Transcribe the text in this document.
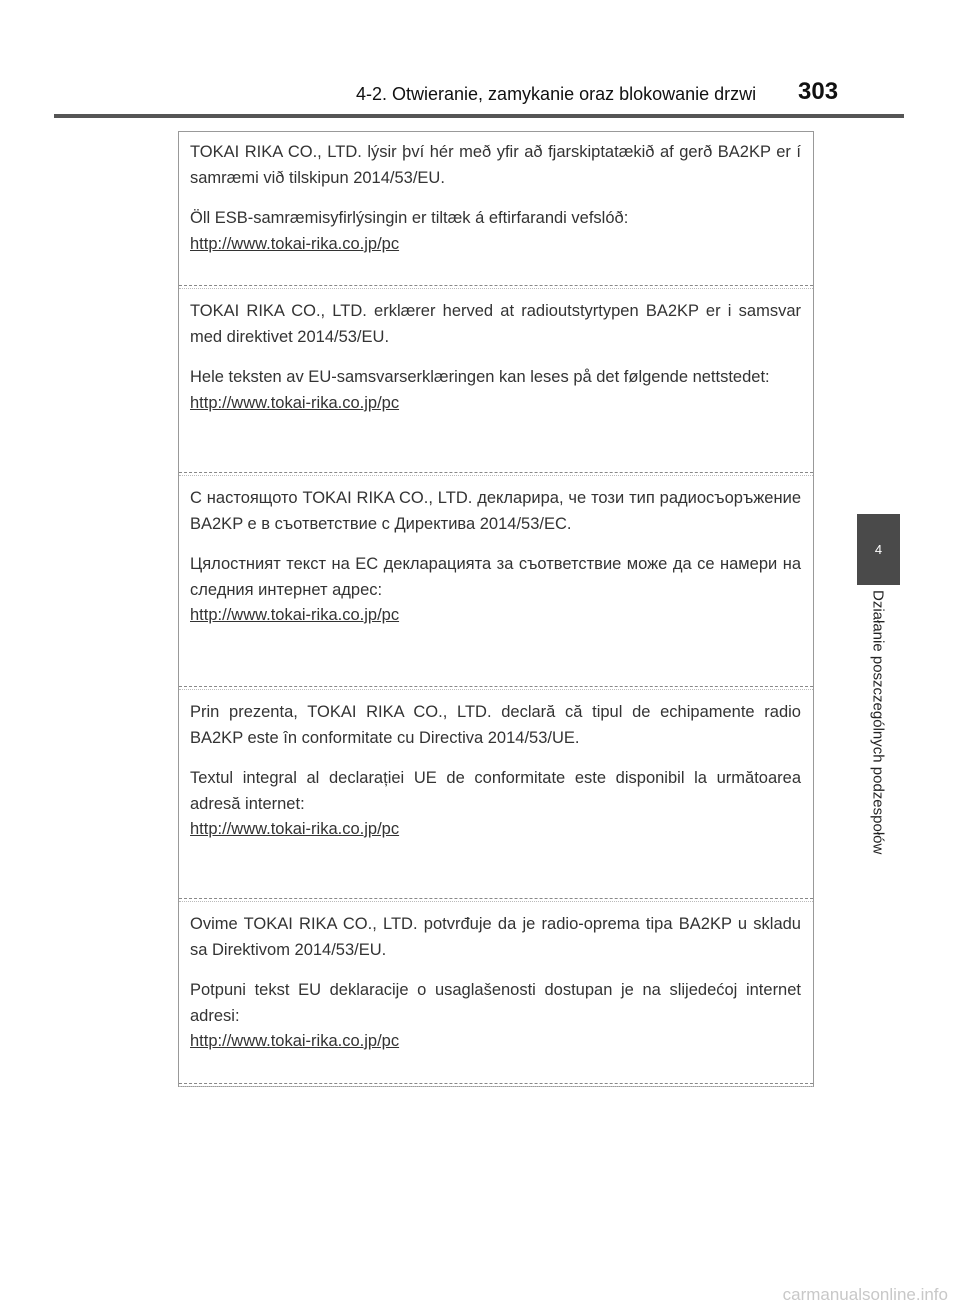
4-2. Otwieranie, zamykanie oraz blokowanie drzwi 303
4
Działanie poszczególnych podzespołów

TOKAI RIKA CO., LTD. lýsir því hér með yfir að fjarskiptatækið af gerð BA2KP er í samræmi við tilskipun 2014/53/EU.

Öll ESB-samræmisyfirlýsingin er tiltæk á eftirfarandi vefslóð:

http://www.tokai-rika.co.jp/pc

TOKAI RIKA CO., LTD. erklærer herved at radioutstyrtypen BA2KP er i samsvar med direktivet 2014/53/EU.

Hele teksten av EU-samsvarserklæringen kan leses på det følgende nettstedet:

http://www.tokai-rika.co.jp/pc

С настоящото TOKAI RIKA CO., LTD. декларира, че този тип радиосъоръжение BA2KP е в съответствие с Директива 2014/53/ЕС.

Цялостният текст на ЕС декларацията за съответствие може да се намери на следния интернет адрес:

http://www.tokai-rika.co.jp/pc

Prin prezenta, TOKAI RIKA CO., LTD. declară că tipul de echipamente radio BA2KP este în conformitate cu Directiva 2014/53/UE.

Textul integral al declarației UE de conformitate este disponibil la următoarea adresă internet:

http://www.tokai-rika.co.jp/pc

Ovime TOKAI RIKA CO., LTD. potvrđuje da je radio-oprema tipa BA2KP u skladu sa Direktivom 2014/53/EU.

Potpuni tekst EU deklaracije o usaglašenosti dostupan je na slijedećoj internet adresi:

http://www.tokai-rika.co.jp/pc
carmanualsonline.info
